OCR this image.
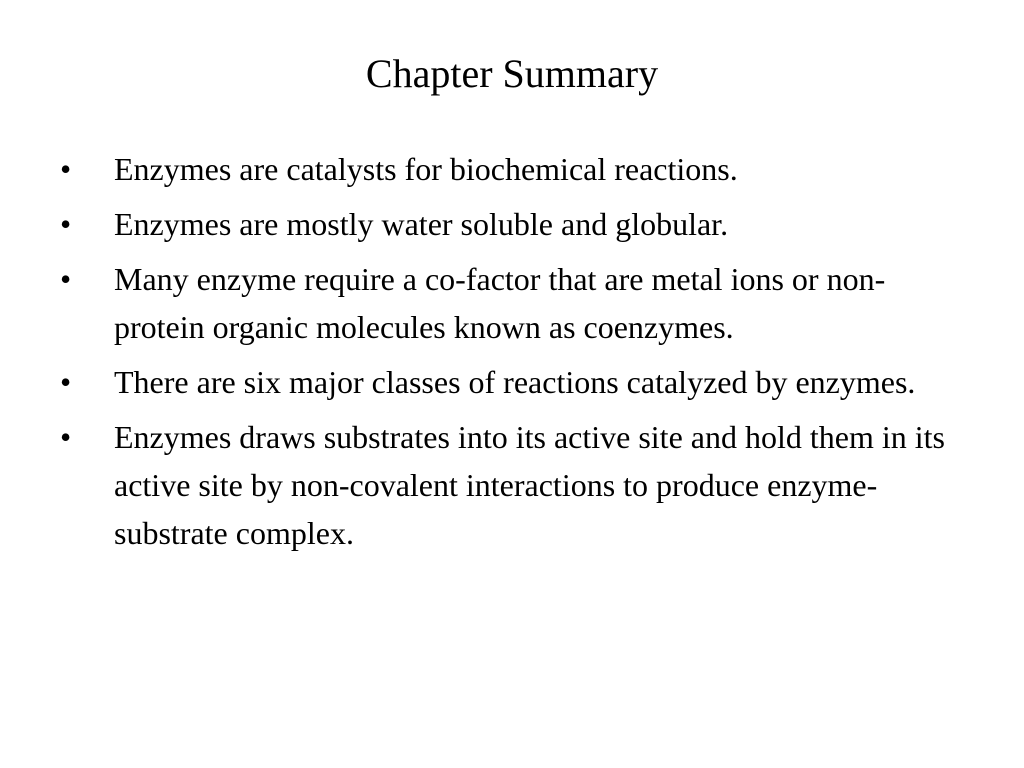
Chapter Summary
• Enzymes are catalysts for biochemical reactions.
• Enzymes are mostly water soluble and globular.
• Many enzyme require a co-factor that are metal ions or non-protein organic molecules known as coenzymes.
• There are six major classes of reactions catalyzed by enzymes.
• Enzymes draws substrates into its active site and hold them in its active site by non-covalent interactions to produce enzyme-substrate complex.
